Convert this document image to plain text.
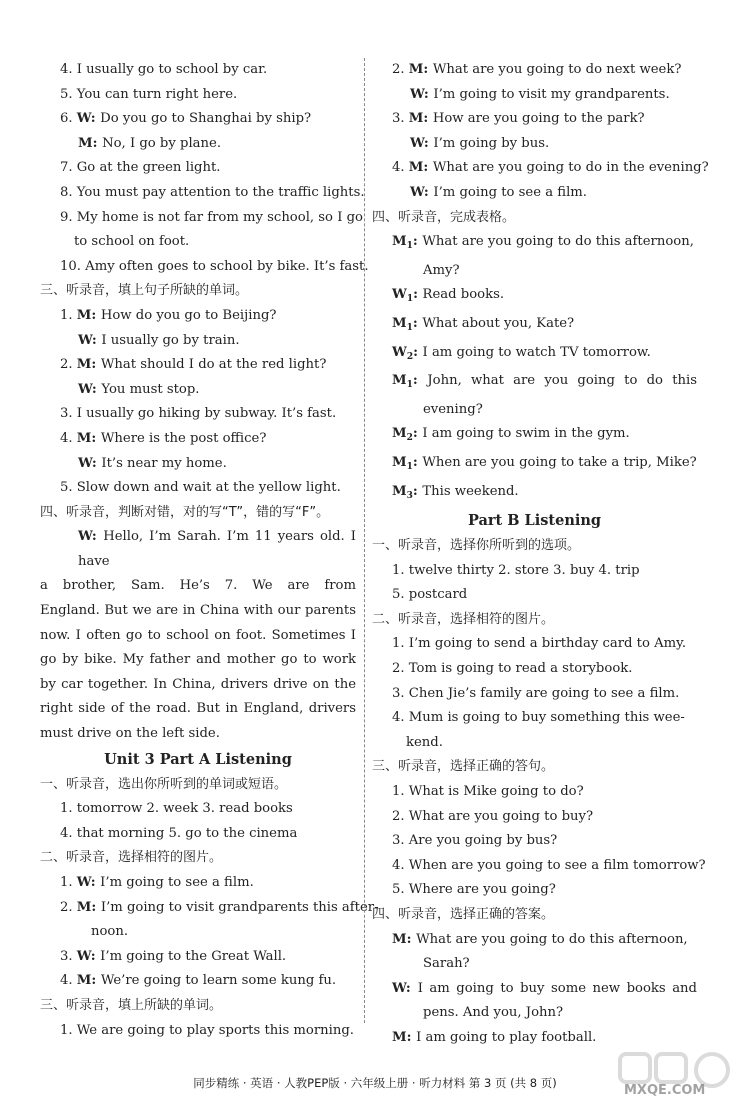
4. I usually go to school by car.
5. You can turn right here.
6. W: Do you go to Shanghai by ship?
M: No, I go by plane.
7. Go at the green light.
8. You must pay attention to the traffic lights.
9. My home is not far from my school, so I go
to school on foot.
10. Amy often goes to school by bike. It’s fast.
三、听录音，填上句子所缺的单词。
1. M: How do you go to Beijing?
W: I usually go by train.
2. M: What should I do at the red light?
W: You must stop.
3. I usually go hiking by subway. It’s fast.
4. M: Where is the post office?
W: It’s near my home.
5. Slow down and wait at the yellow light.
四、听录音，判断对错，对的写“T”，错的写“F”。
W: Hello, I’m Sarah. I’m 11 years old. I have
a brother, Sam. He’s 7. We are from
England. But we are in China with our parents
now. I often go to school on foot. Sometimes I
go by bike. My father and mother go to work
by car together. In China, drivers drive on the
right side of the road. But in England, drivers
must drive on the left side.
Unit 3 Part A Listening
一、听录音，选出你所听到的单词或短语。
1. tomorrow 2. week 3. read books
4. that morning 5. go to the cinema
二、听录音，选择相符的图片。
1. W: I’m going to see a film.
2. M: I’m going to visit grandparents this after-
noon.
3. W: I’m going to the Great Wall.
4. M: We’re going to learn some kung fu.
三、听录音，填上所缺的单词。
1. We are going to play sports this morning.
2. M: What are you going to do next week?
W: I’m going to visit my grandparents.
3. M: How are you going to the park?
W: I’m going by bus.
4. M: What are you going to do in the evening?
W: I’m going to see a film.
四、听录音，完成表格。
$M_1$: What are you going to do this afternoon,
Amy?
$W_1$: Read books.
$M_1$: What about you, Kate?
$W_2$: I am going to watch TV tomorrow.
$M_1$: John, what are you going to do this
evening?
$M_2$: I am going to swim in the gym.
$M_1$: When are you going to take a trip, Mike?
$M_3$: This weekend.
Part B Listening
一、听录音，选择你所听到的选项。
1. twelve thirty 2. store 3. buy 4. trip
5. postcard
二、听录音，选择相符的图片。
1. I’m going to send a birthday card to Amy.
2. Tom is going to read a storybook.
3. Chen Jie’s family are going to see a film.
4. Mum is going to buy something this wee-
kend.
三、听录音，选择正确的答句。
1. What is Mike going to do?
2. What are you going to buy?
3. Are you going by bus?
4. When are you going to see a film tomorrow?
5. Where are you going?
四、听录音，选择正确的答案。
M: What are you going to do this afternoon,
Sarah?
W: I am going to buy some new books and
pens. And you, John?
M: I am going to play football.
同步精练 · 英语 · 人教PEP版 · 六年级上册 · 听力材料 第 3 页 (共 8 页)	MXQE.COM
